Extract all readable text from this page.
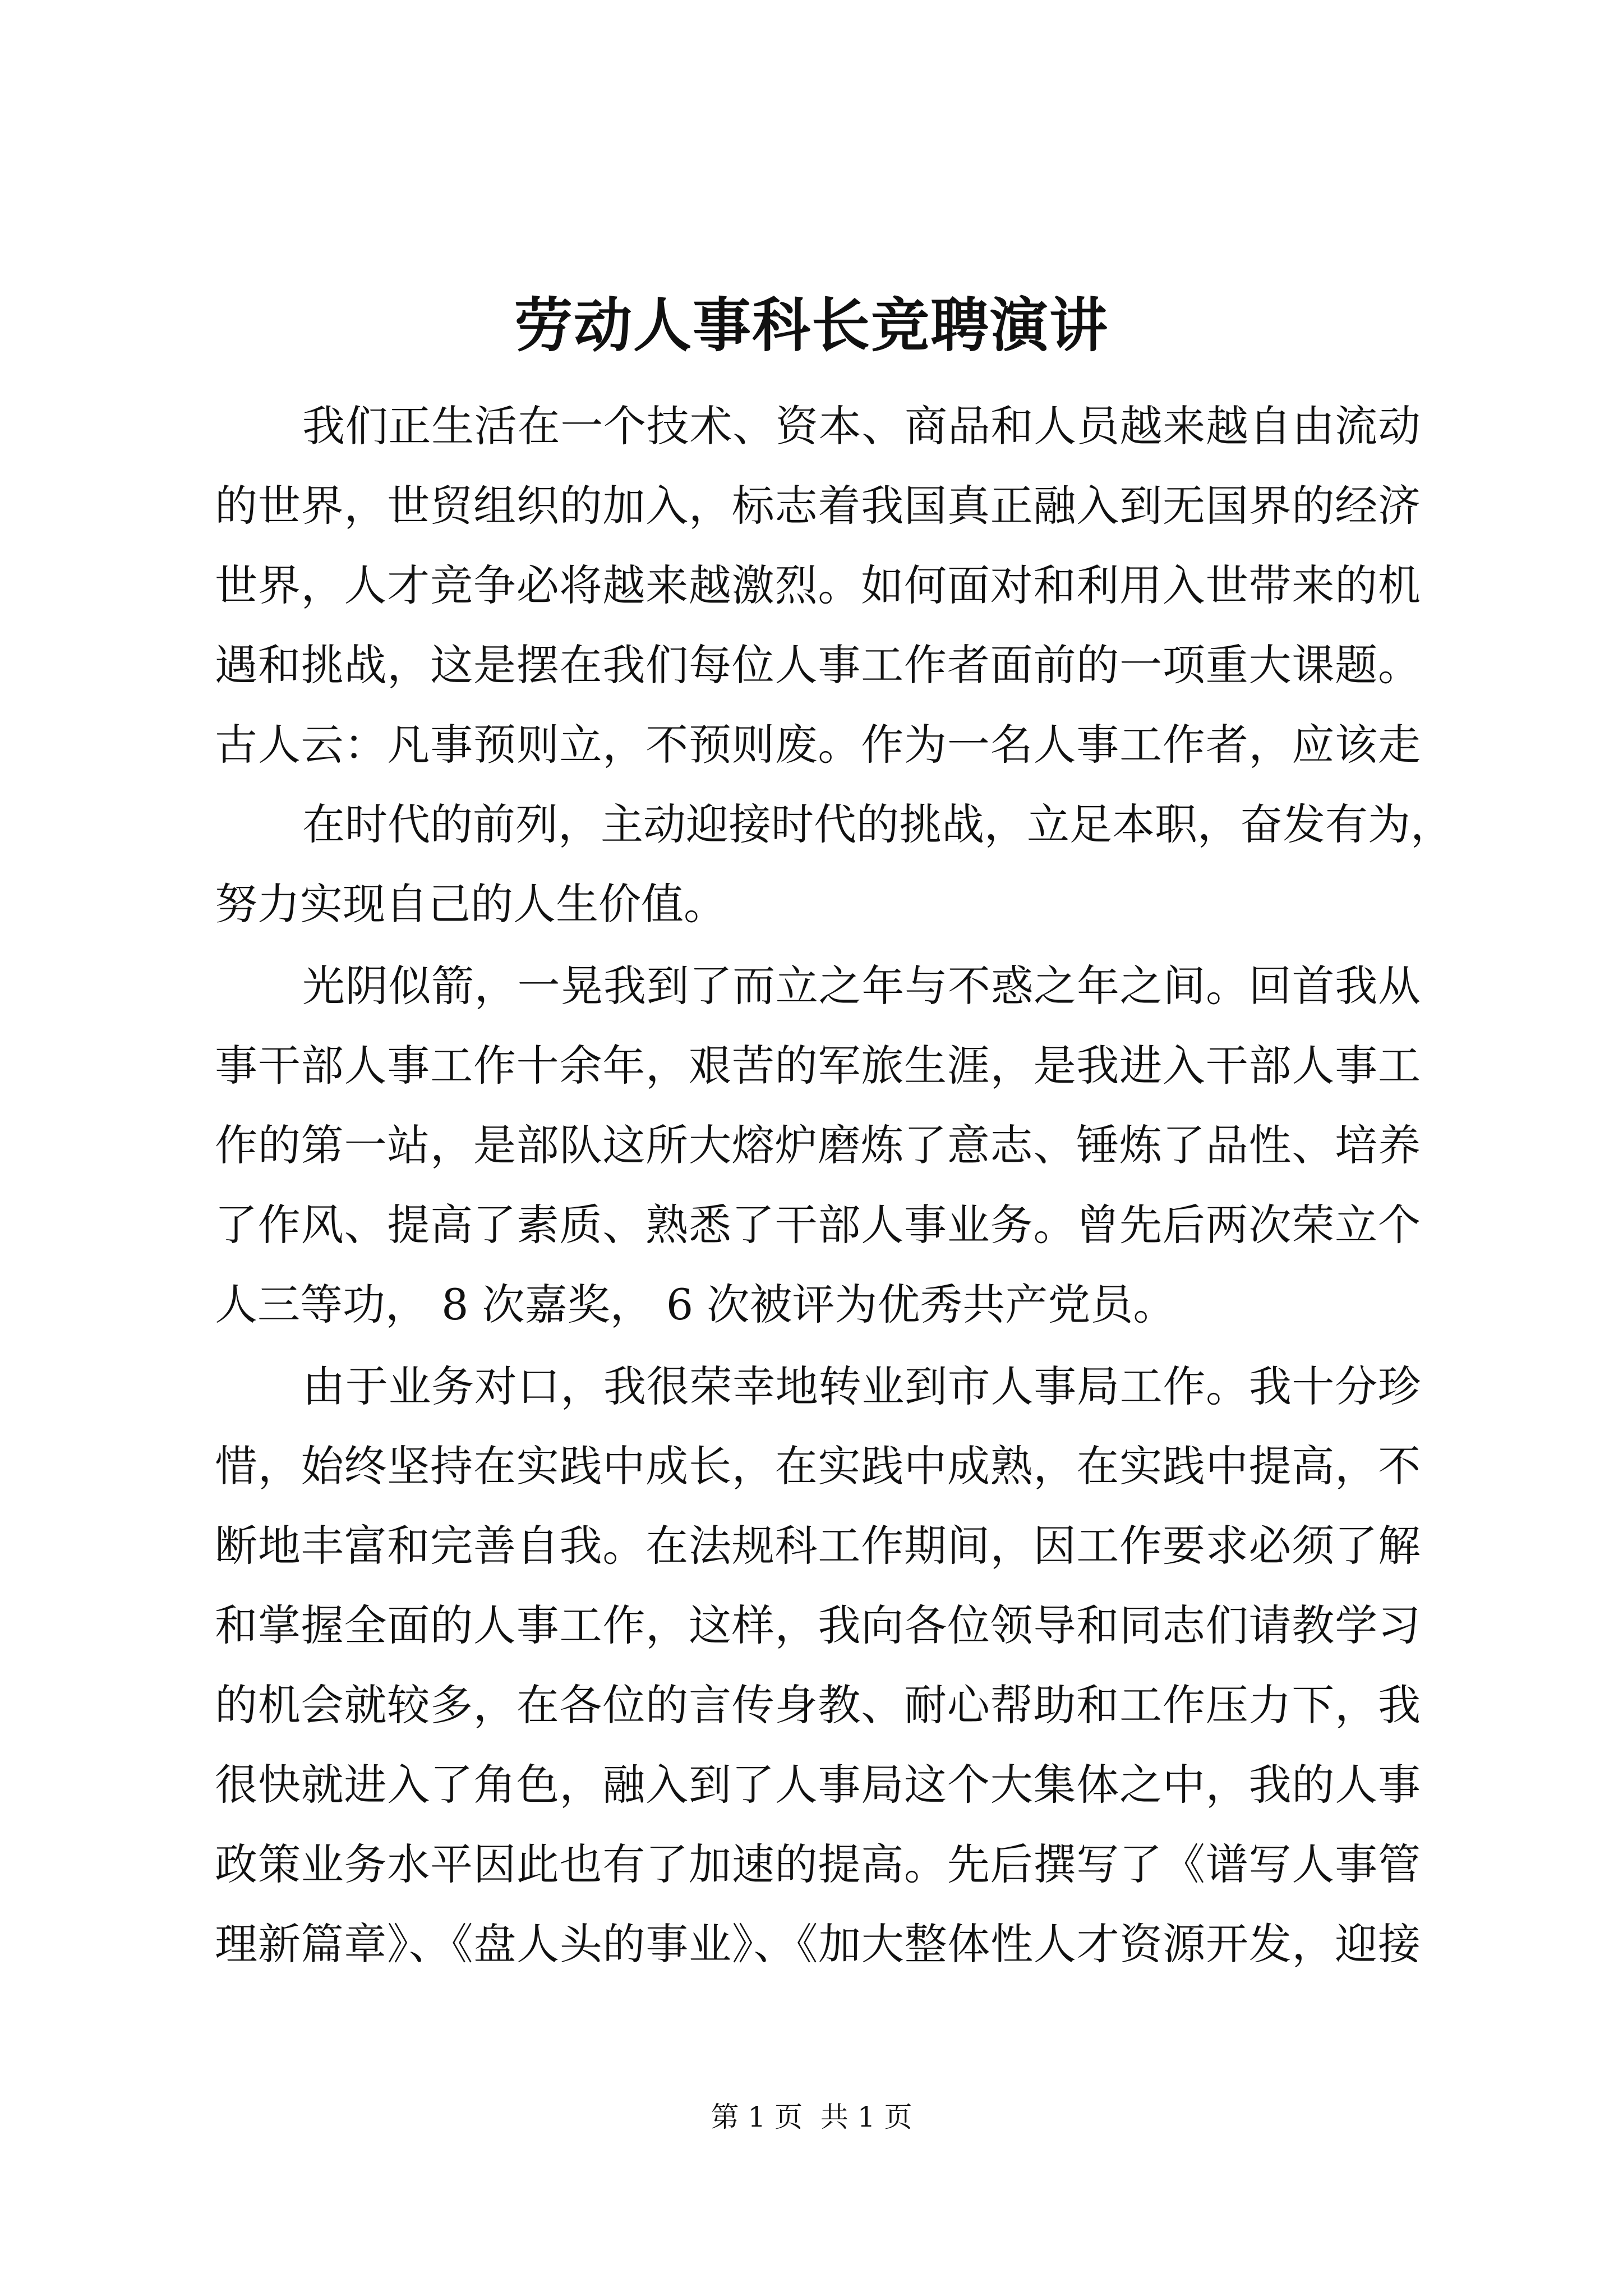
劳动人事科长竞聘演讲
我们正生活在一个技术、资本、商品和人员越来越自由流动
的世界，世贸组织的加入，标志着我国真正融入到无国界的经济
世界，人才竞争必将越来越激烈。如何面对和利用入世带来的机
遇和挑战，这是摆在我们每位人事工作者面前的一项重大课题。
古人云：凡事预则立，不预则废。作为一名人事工作者，应该走
在时代的前列，主动迎接时代的挑战，立足本职，奋发有为，
努力实现自己的人生价值。
光阴似箭，一晃我到了而立之年与不惑之年之间。回首我从
事干部人事工作十余年，艰苦的军旅生涯，是我进入干部人事工
作的第一站，是部队这所大熔炉磨炼了意志、锤炼了品性、培养
了作风、提高了素质、熟悉了干部人事业务。曾先后两次荣立个
人三等功， 8 次嘉奖， 6 次被评为优秀共产党员。
由于业务对口，我很荣幸地转业到市人事局工作。我十分珍
惜，始终坚持在实践中成长，在实践中成熟，在实践中提高，不
断地丰富和完善自我。在法规科工作期间，因工作要求必须了解
和掌握全面的人事工作，这样，我向各位领导和同志们请教学习
的机会就较多，在各位的言传身教、耐心帮助和工作压力下，我
很快就进入了角色，融入到了人事局这个大集体之中，我的人事
政策业务水平因此也有了加速的提高。先后撰写了《谱写人事管
理新篇章》、《盘人头的事业》、《加大整体性人才资源开发，迎接
第 1 页  共 1 页
